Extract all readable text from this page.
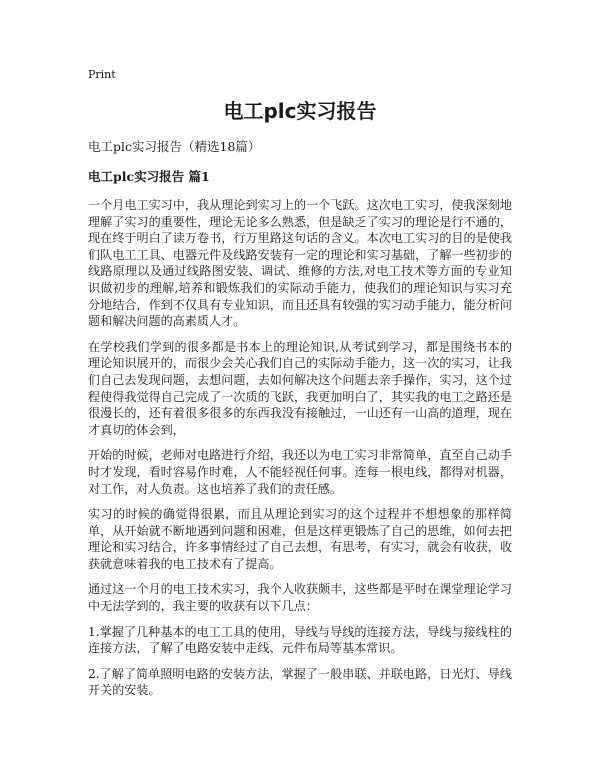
Print

电工plc实习报告

电工plc实习报告（精选18篇）

电工plc实习报告 篇1

一个月电工实习中，我从理论到实习上的一个飞跃。这次电工实习，使我深刻地理解了实习的重要性，理论无论多么熟悉，但是缺乏了实习的理论是行不通的，现在终于明白了读万卷书，行万里路这句话的含义。本次电工实习的目的是使我们队电工工具、电器元件及线路安装有一定的理论和实习基础，了解一些初步的线路原理以及通过线路图安装、调试、维修的方法,对电工技术等方面的专业知识做初步的理解,培养和锻炼我们的实际动手能力，使我们的理论知识与实习充分地结合，作到不仅具有专业知识，而且还具有较强的实习动手能力，能分析问题和解决问题的高素质人才。

在学校我们学到的很多都是书本上的理论知识,从考试到学习，都是围绕书本的理论知识展开的，而很少会关心我们自己的实际动手能力，这一次的实习，让我们自己去发现问题，去想问题，去如何解决这个问题去亲手操作，实习，这个过程使得我觉得自己完成了一次质的飞跃，我更加明白了，其实我的电工之路还是很漫长的，还有着很多很多的东西我没有接触过，一山还有一山高的道理，现在才真切的体会到，

开始的时候，老师对电路进行介绍，我还以为电工实习非常简单，直至自己动手时才发现，看时容易作时难，人不能轻视任何事。连每一根电线，都得对机器，对工作，对人负责。这也培养了我们的责任感。

实习的时候的确觉得很累，而且从理论到实习的这个过程并不想想象的那样简单，从开始就不断地遇到问题和困难，但是这样更锻炼了自己的思维，如何去把理论和实习结合，许多事情经过了自己去想，有思考，有实习，就会有收获，收获就意味着我的电工技术有了提高。

通过这一个月的电工技术实习，我个人收获颇丰，这些都是平时在课堂理论学习中无法学到的，我主要的收获有以下几点：

1.掌握了几种基本的电工工具的使用，导线与导线的连接方法，导线与接线柱的连接方法，了解了电路安装中走线、元件布局等基本常识。

2.了解了简单照明电路的安装方法，掌握了一般串联、并联电路，日光灯、导线开关的安装。
